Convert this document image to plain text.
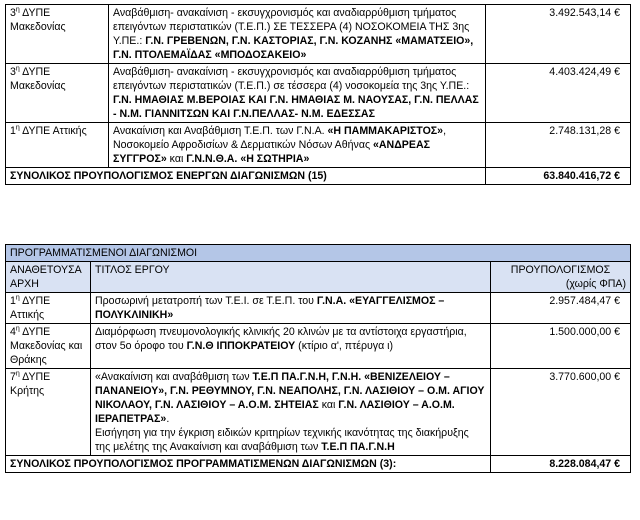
$3^\eta$ ΔΥΠΕ
Μακεδονίας	Αναβάθμιση- ανακαίνιση - εκσυγχρονισμός και αναδιαρρύθμιση τμήματος επειγόντων περιστατικών (Τ.Ε.Π.) ΣΕ ΤΕΣΣΕΡΑ (4) ΝΟΣΟΚΟΜΕΙΑ ΤΗΣ 3ης Υ.ΠΕ.: Γ.Ν. ΓΡΕΒΕΝΩΝ, Γ.Ν. ΚΑΣΤΟΡΙΑΣ, Γ.Ν. ΚΟΖΑΝΗΣ «ΜΑΜΑΤΣΕΙΟ», Γ.Ν. ΠΤΟΛΕΜΑΪΔΑΣ «ΜΠΟΔΟΣΑΚΕΙΟ»	3.492.543,14 €
$3^\eta$ ΔΥΠΕ
Μακεδονίας	Αναβάθμιση- ανακαίνιση - εκσυγχρονισμός και αναδιαρρύθμιση τμήματος επειγόντων περιστατικών (Τ.Ε.Π.) σε τέσσερα (4) νοσοκομεία της 3ης Υ.ΠΕ.: Γ.Ν. ΗΜΑΘΙΑΣ Μ.ΒΕΡΟΙΑΣ ΚΑΙ Γ.Ν. ΗΜΑΘΙΑΣ Μ. ΝΑΟΥΣΑΣ, Γ.Ν. ΠΕΛΛΑΣ - Ν.Μ. ΓΙΑΝΝΙΤΣΩΝ ΚΑΙ Γ.Ν.ΠΕΛΛΑΣ- Ν.Μ. ΕΔΕΣΣΑΣ	4.403.424,49 €
$1^\eta$ ΔΥΠΕ Αττικής	Ανακαίνιση και Αναβάθμιση Τ.Ε.Π. των Γ.Ν.Α. «Η ΠΑΜΜΑΚΑΡΙΣΤΟΣ», Νοσοκομείο Αφροδισίων & Δερματικών Νόσων Αθήνας «ΑΝΔΡΕΑΣ ΣΥΓΓΡΟΣ» και Γ.Ν.Ν.Θ.Α. «Η ΣΩΤΗΡΙΑ»	2.748.131,28 €
ΣΥΝΟΛΙΚΟΣ ΠΡΟΥΠΟΛΟΓΙΣΜΟΣ ΕΝΕΡΓΩΝ ΔΙΑΓΩΝΙΣΜΩΝ (15)		63.840.416,72 €
ΠΡΟΓΡΑΜΜΑΤΙΣΜΕΝΟΙ ΔΙΑΓΩΝΙΣΜΟΙ		
ΑΝΑΘΕΤΟΥΣΑ ΑΡΧΗ	ΤΙΤΛΟΣ ΕΡΓΟΥ	ΠΡΟΥΠΟΛΟΓΙΣΜΟΣ
(χωρίς ΦΠΑ)

$1^\eta$ ΔΥΠΕ Αττικής	Προσωρινή μετατροπή των Τ.Ε.Ι. σε Τ.Ε.Π. του Γ.Ν.Α. «ΕΥΑΓΓΕΛΙΣΜΟΣ – ΠΟΛΥΚΛΙΝΙΚΗ»	2.957.484,47 €
$4^\eta$ ΔΥΠΕ
Μακεδονίας και
Θράκης	Διαμόρφωση πνευμονολογικής κλινικής 20 κλινών με τα αντίστοιχα εργαστήρια, στον 5ο όροφο του Γ.Ν.Θ ΙΠΠΟΚΡΑΤΕΙΟΥ (κτίριο α', πτέρυγα ι)	1.500.000,00 €
$7^\eta$ ΔΥΠΕ
Κρήτης	«Ανακαίνιση και αναβάθμιση των Τ.Ε.Π ΠΑ.Γ.Ν.Η, Γ.Ν.Η. «ΒΕΝΙΖΕΛΕΙΟΥ – ΠΑΝΑΝΕΙΟΥ», Γ.Ν. ΡΕΘΥΜΝΟΥ, Γ.Ν. ΝΕΑΠΟΛΗΣ, Γ.Ν. ΛΑΣΙΘΙΟΥ – Ο.Μ. ΑΓΙΟΥ ΝΙΚΟΛΑΟΥ, Γ.Ν. ΛΑΣΙΘΙΟΥ – Α.Ο.Μ. ΣΗΤΕΙΑΣ και Γ.Ν. ΛΑΣΙΘΙΟΥ – Α.Ο.Μ. ΙΕΡΑΠΕΤΡΑΣ».
Εισήγηση για την έγκριση ειδικών κριτηρίων τεχνικής ικανότητας της διακήρυξης της μελέτης της Ανακαίνιση και αναβάθμιση των Τ.Ε.Π ΠΑ.Γ.Ν.Η	3.770.600,00 €
ΣΥΝΟΛΙΚΟΣ ΠΡΟΥΠΟΛΟΓΙΣΜΟΣ ΠΡΟΓΡΑΜΜΑΤΙΣΜΕΝΩΝ ΔΙΑΓΩΝΙΣΜΩΝ (3):		8.228.084,47 €
